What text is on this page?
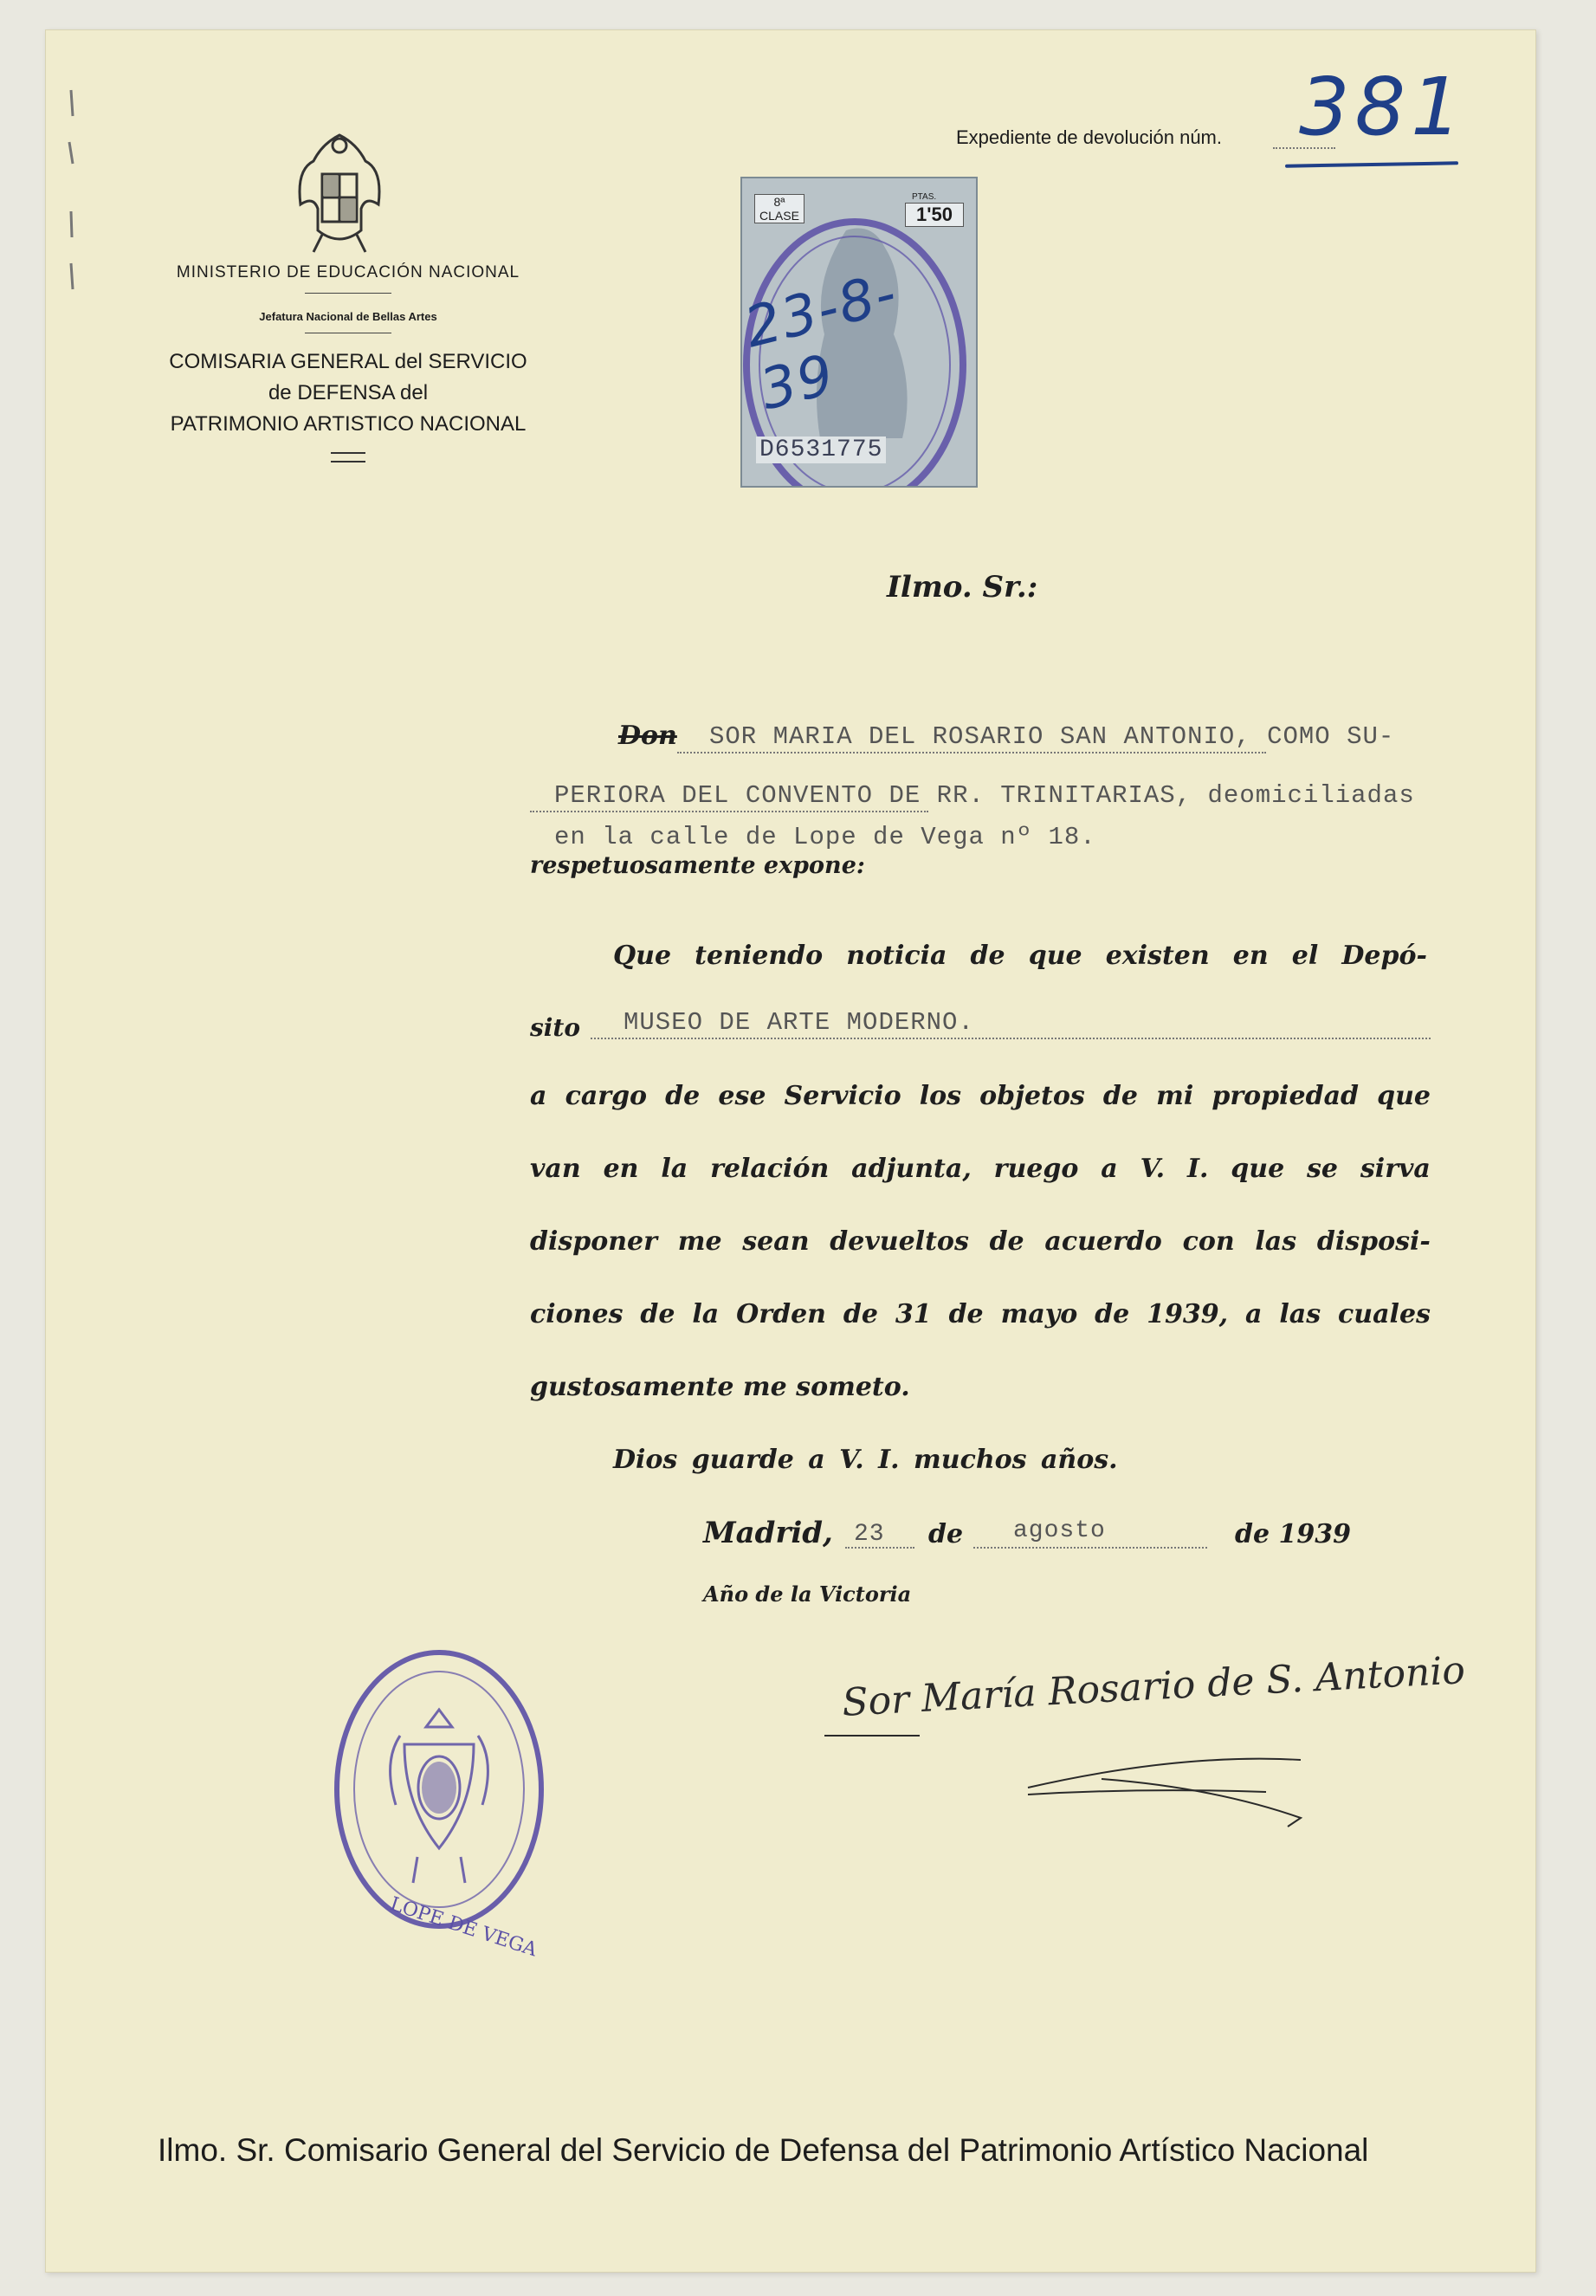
MINISTERIO DE EDUCACIÓN NACIONAL
Jefatura Nacional de Bellas Artes
COMISARIA GENERAL del SERVICIO
de DEFENSA del
PATRIMONIO ARTISTICO NACIONAL
Expediente de devolución núm. 381
8ª CLASE
PTAS.
1'50
23-8-39
D6531775
Ilmo. Sr.:
Don SOR MARIA DEL ROSARIO SAN ANTONIO, COMO SU-
PERIORA DEL CONVENTO DE RR. TRINITARIAS, deomiciliadas
en la calle de Lope de Vega nº 18.
respetuosamente expone:
Que teniendo noticia de que existen en el Depó-
sito MUSEO DE ARTE MODERNO.
a cargo de ese Servicio los objetos de mi propiedad que
van en la relación adjunta, ruego a V. I. que se sirva
disponer me sean devueltos de acuerdo con las disposi-
ciones de la Orden de 31 de mayo de 1939, a las cuales
gustosamente me someto.
Dios guarde a V. I. muchos años.
Madrid, 23 de agosto	de 1939
Año de la Victoria
LOPE DE VEGA
Sor María Rosario de S. Antonio
Ilmo. Sr. Comisario General del Servicio de Defensa del Patrimonio Artístico Nacional
